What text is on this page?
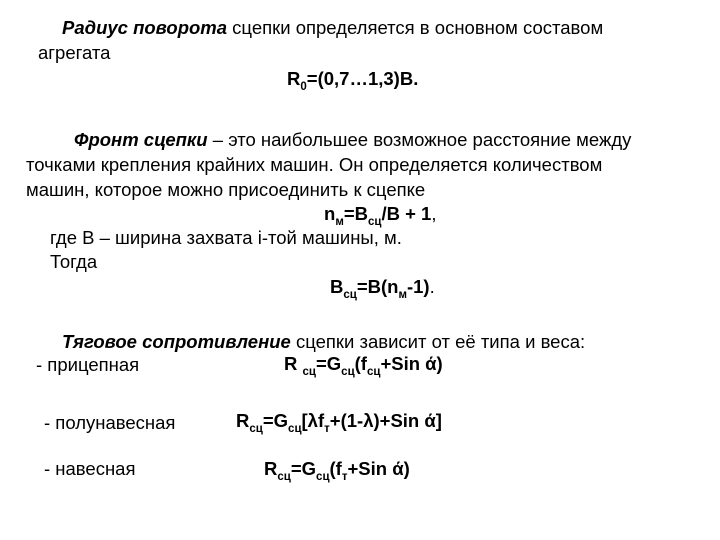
Радиус поворота сцепки определяется в основном составом
агрегата
$R_0=(0,7\dots 1,3)В$.
Фронт сцепки – это наибольшее возможное расстояние между
точками крепления крайних машин. Он определяется количеством
машин, которое можно присоединить к сцепке
$n_м=В_{сц}/В + 1$,
где В – ширина захвата i-той машины, м.
Тогда
$В_{сц}=В(n_м-1)$.
Тяговое сопротивление сцепки зависит от её типа и веса:
- прицепная	R $_{сц}=G_{сц}(f_{сц}+Sin$ ά)
- полунавесная	$R_{сц}=G_{сц}[\lambda f_т+(1-\lambda)+Sin$ ά]
- навесная	$R_{сц}=G_{сц}(f_т+Sin$ ά)
